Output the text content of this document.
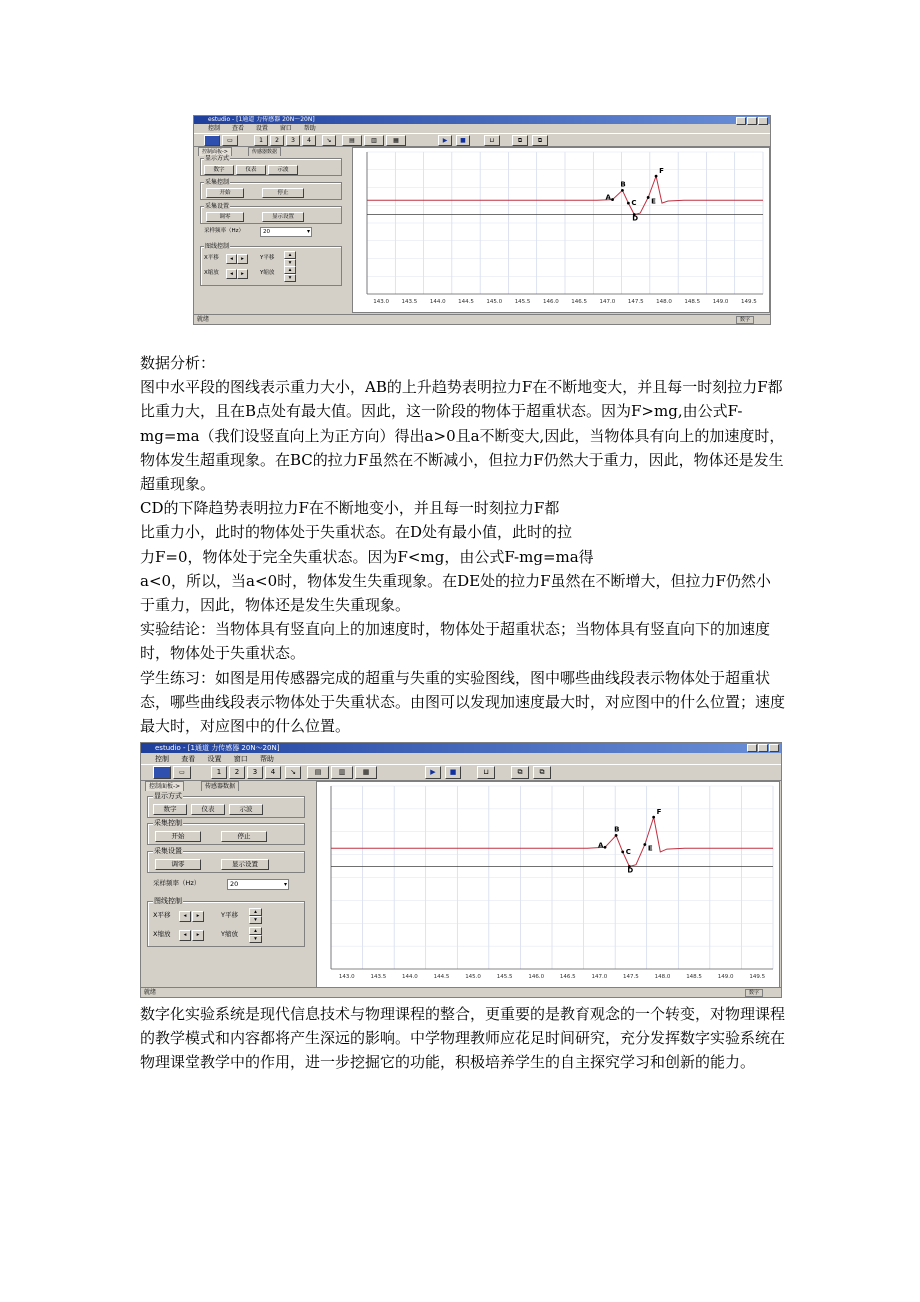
estudio - [1通道 力传感器 20N～20N]
控制 查看 设置 窗口 帮助
▭	1	2	3	4	↘	▤	▥	▦	▶	■	⊔	⧉	⧉
控制面板->	传感器数据
显示方式
数字	仪表	示波
采集控制
开始	停止
采集设置
调零	显示设置
采样频率（Hz）	20 ▾
图线控制
X平移	◂	▸	Y平移	▴
▾
X缩放	◂	▸	Y缩放	▴
▾
143.0 143.5 144.0 144.5 145.0 145.5 146.0 146.5 147.0 147.5 148.0 148.5 149.0 149.5
A
B
C
D
E
F
就绪	数字

数据分析：

图中水平段的图线表示重力大小，AB的上升趋势表明拉力F在不断地变大，并且每一时刻拉力F都比重力大，且在B点处有最大值。因此，这一阶段的物体于超重状态。因为F>mg,由公式F-mg=ma（我们设竖直向上为正方向）得出a>0且a不断变大,因此，当物体具有向上的加速度时，物体发生超重现象。在BC的拉力F虽然在不断减小，但拉力F仍然大于重力，因此，物体还是发生超重现象。

CD的下降趋势表明拉力F在不断地变小，并且每一时刻拉力F都

比重力小，此时的物体处于失重状态。在D处有最小值，此时的拉

力F=0，物体处于完全失重状态。因为F<mg，由公式F-mg=ma得

a<0，所以，当a<0时，物体发生失重现象。在DE处的拉力F虽然在不断增大，但拉力F仍然小于重力，因此，物体还是发生失重现象。

实验结论：当物体具有竖直向上的加速度时，物体处于超重状态；当物体具有竖直向下的加速度时，物体处于失重状态。

学生练习：如图是用传感器完成的超重与失重的实验图线，图中哪些曲线段表示物体处于超重状态，哪些曲线段表示物体处于失重状态。由图可以发现加速度最大时，对应图中的什么位置；速度最大时，对应图中的什么位置。

estudio - [1通道 力传感器 20N～20N]
控制 查看 设置 窗口 帮助
▭	1	2	3	4	↘	▤	▥	▦	▶	■	⊔	⧉	⧉
控制面板->	传感器数据
显示方式
数字	仪表	示波
采集控制
开始	停止
采集设置
调零	显示设置
采样频率（Hz）	20 ▾
图线控制
X平移	◂	▸	Y平移	▴
▾
X缩放	◂	▸	Y缩放	▴
▾
143.0	143.5	144.0	144.5	145.0	145.5	146.0	146.5	147.0	147.5	148.0	148.5	149.0	149.5
A
B
C
D
E
F
就绪	数字

数字化实验系统是现代信息技术与物理课程的整合，更重要的是教育观念的一个转变，对物理课程的教学模式和内容都将产生深远的影响。中学物理教师应花足时间研究，充分发挥数字实验系统在物理课堂教学中的作用，进一步挖掘它的功能，积极培养学生的自主探究学习和创新的能力。
